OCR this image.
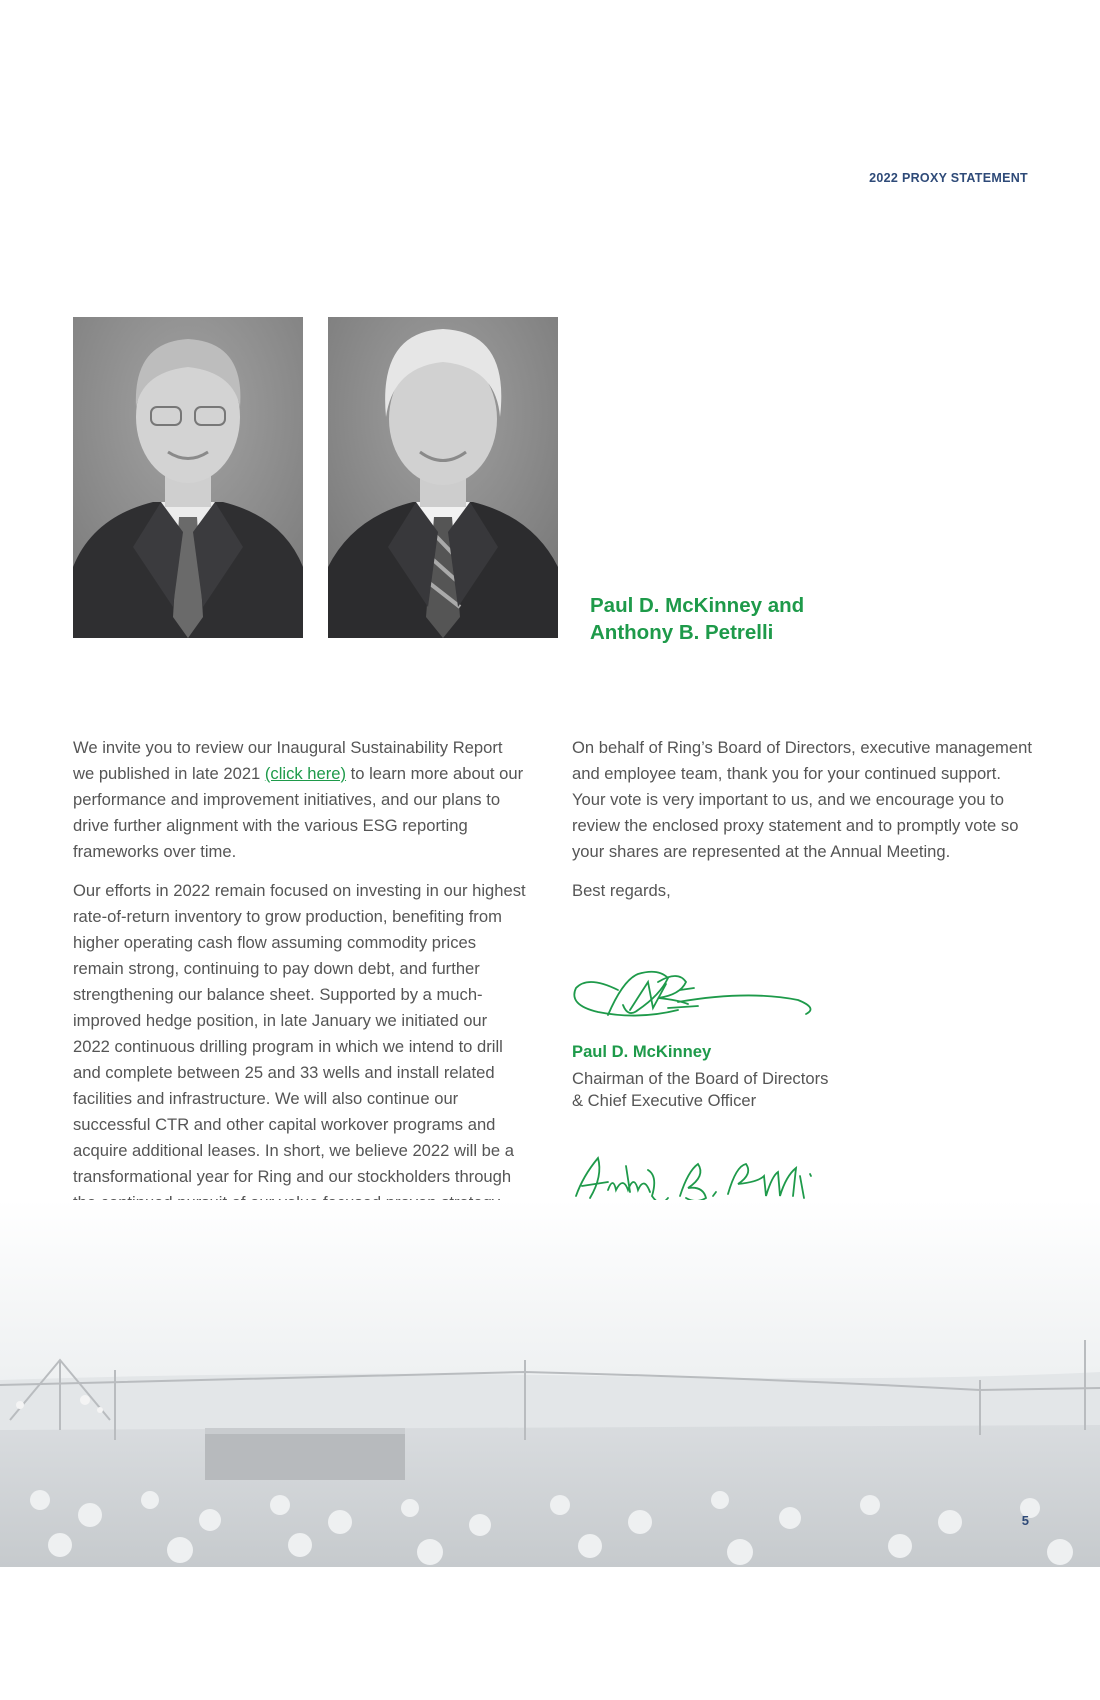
2022 PROXY STATEMENT
Paul D. McKinney and
Anthony B. Petrelli

We invite you to review our Inaugural Sustainability Report we published in late 2021 (click here) to learn more about our performance and improvement initiatives, and our plans to drive further alignment with the various ESG reporting frameworks over time.

Our efforts in 2022 remain focused on investing in our highest rate-of-return inventory to grow production, benefiting from higher operating cash flow assuming commodity prices remain strong, continuing to pay down debt, and further strengthening our balance sheet. Supported by a much-improved hedge position, in late January we initiated our 2022 continuous drilling program in which we intend to drill and complete between 25 and 33 wells and install related facilities and infrastructure. We will also continue our successful CTR and other capital workover programs and acquire additional leases. In short, we believe 2022 will be a transformational year for Ring and our stockholders through

On behalf of Ring’s Board of Directors, executive management and employee team, thank you for your continued support. Your vote is very important to us, and we encourage you to review the enclosed proxy statement and to promptly vote so your shares are represented at the Annual Meeting.

Best regards,

Paul D. McKinney
Chairman of the Board of Directors
& Chief Executive Officer
5
